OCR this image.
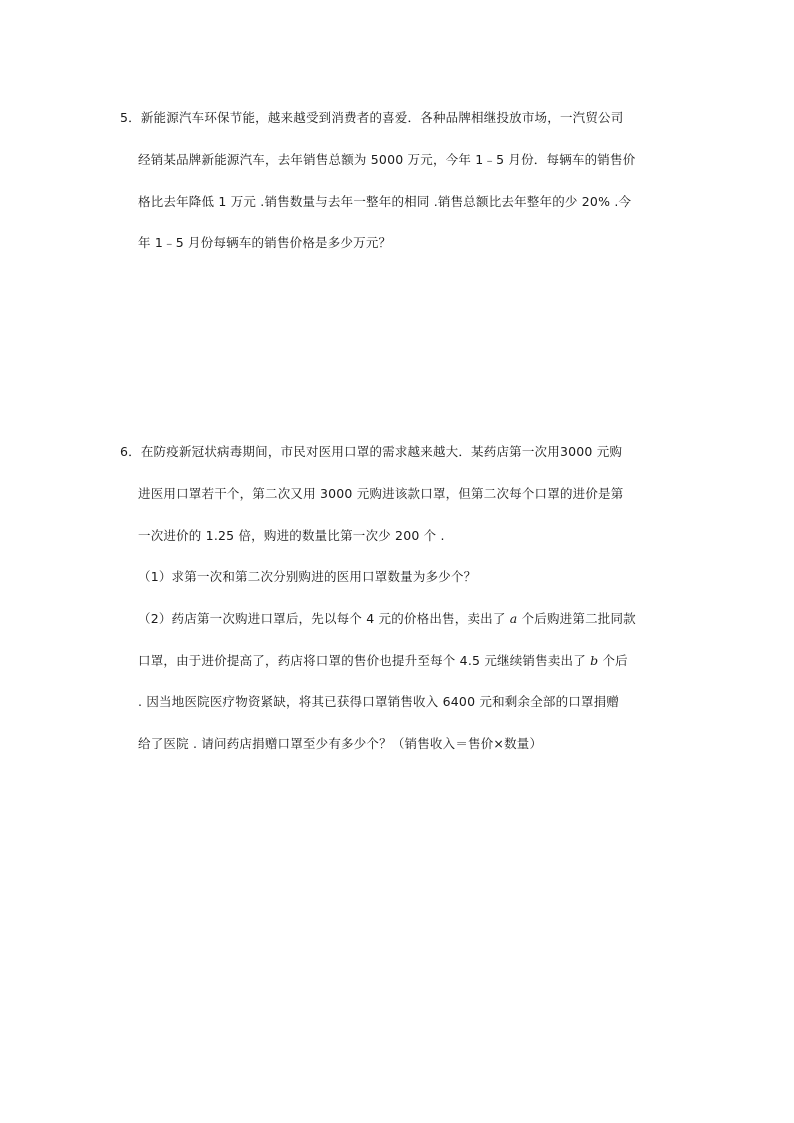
5．新能源汽车环保节能，越来越受到消费者的喜爱．各种品牌相继投放市场，一汽贸公司
经销某品牌新能源汽车，去年销售总额为 5000 万元，今年 1﹣5 月份．每辆车的销售价
格比去年降低 1 万元 .销售数量与去年一整年的相同 .销售总额比去年整年的少 20% .今
年 1﹣5 月份每辆车的销售价格是多少万元？
6．在防疫新冠状病毒期间，市民对医用口罩的需求越来越大．某药店第一次用3000 元购
进医用口罩若干个，第二次又用 3000 元购进该款口罩，但第二次每个口罩的进价是第
一次进价的 1.25 倍，购进的数量比第一次少 200 个 .
（1）求第一次和第二次分别购进的医用口罩数量为多少个？
（2）药店第一次购进口罩后，先以每个 4 元的价格出售，卖出了 a 个后购进第二批同款
口罩，由于进价提高了，药店将口罩的售价也提升至每个 4.5 元继续销售卖出了 b 个后
. 因当地医院医疗物资紧缺，将其已获得口罩销售收入 6400 元和剩余全部的口罩捐赠
给了医院 . 请问药店捐赠口罩至少有多少个？（销售收入＝售价×数量）
